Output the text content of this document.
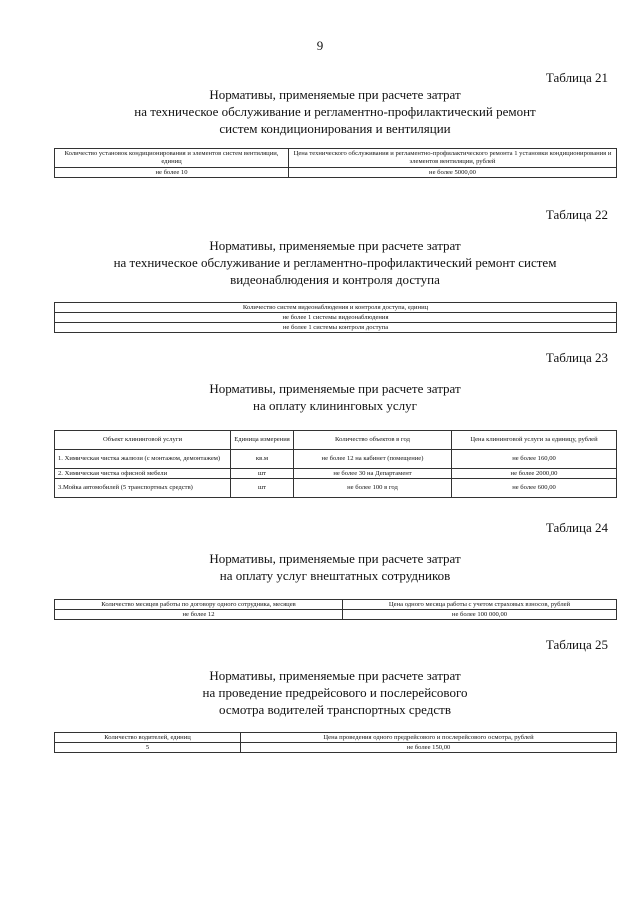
9
Таблица 21
Нормативы, применяемые при расчете затрат
на техническое обслуживание и регламентно-профилактический ремонт
систем кондиционирования и вентиляции
Количество установок кондиционирования и элементов систем вентиляции, единиц	Цена технического обслуживания и регламентно-профилактического ремонта 1 установки кондиционирования и элементов вентиляции, рублей
не более 10	не более 5000,00
Таблица 22
Нормативы, применяемые при расчете затрат
на техническое обслуживание и регламентно-профилактический ремонт систем
видеонаблюдения и контроля доступа
Количество систем видеонаблюдения и контроля доступа, единиц
не более 1 системы видеонаблюдения
не более 1 системы контроля доступа
Таблица 23
Нормативы, применяемые при расчете затрат
на оплату клининговых услуг
Объект клининговой услуги	Единица измерения	Количество объектов в год	Цена клининговой услуги за единицу, рублей
1. Химическая чистка жалюзи (с монтажом, демонтажем)	кв.м	не более 12 на кабинет (помещение)	не более 160,00
2. Химическая чистка офисной мебели	шт	не более 30 на Департамент	не более 2000,00
3.Мойка автомобилей (5 транспортных средств)	шт	не более 100 в год	не более 600,00
Таблица 24
Нормативы, применяемые при расчете затрат
на оплату услуг внештатных сотрудников
Количество месяцев работы по договору одного сотрудника, месяцев	Цена одного месяца работы с учетом страховых взносов, рублей
не более 12	не более 100 000,00
Таблица 25
Нормативы, применяемые при расчете затрат
на проведение предрейсового и послерейсового
осмотра водителей транспортных средств
Количество водителей, единиц	Цена проведения одного предрейсового и послерейсового осмотра, рублей
5	не более 150,00
